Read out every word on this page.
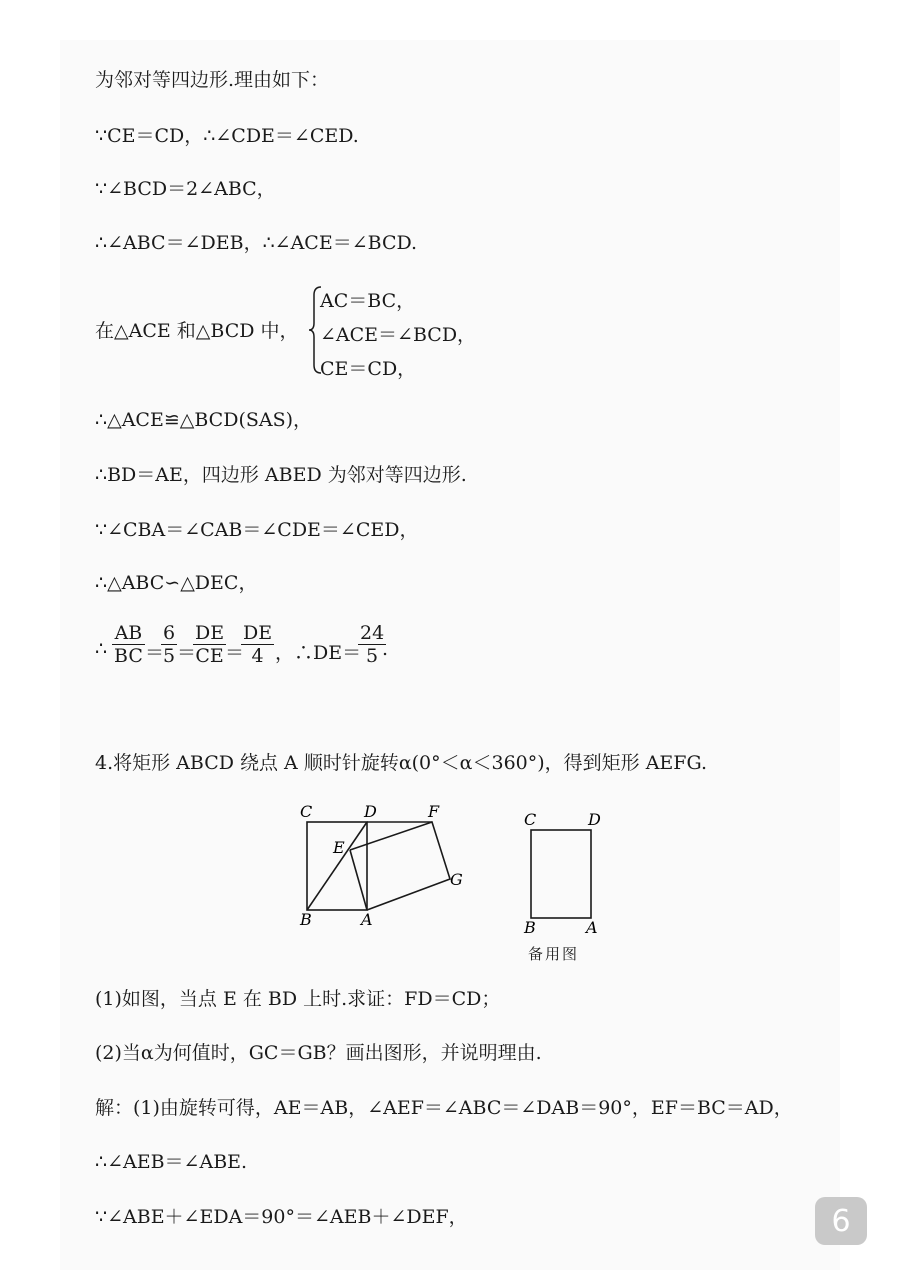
为邻对等四边形.理由如下：
∵CE＝CD，∴∠CDE＝∠CED.
∵∠BCD＝2∠ABC，
∴∠ABC＝∠DEB，∴∠ACE＝∠BCD.
在△ACE 和△BCD 中，
AC＝BC，
∠ACE＝∠BCD，
CE＝CD，
∴△ACE≌△BCD(SAS)，
∴BD＝AE，四边形 ABED 为邻对等四边形.
∵∠CBA＝∠CAB＝∠CDE＝∠CED，
∴△ABC∽△DEC，
∴ $\frac{AB}{BC}$ ＝
$\frac{6}{5}$ ＝
$\frac{DE}{CE}$
＝
$\frac{DE}{4}$ ，∴DE＝
$\frac{24}{5}$
.
4.将矩形 ABCD 绕点 A 顺时针旋转α(0°＜α＜360°)，得到矩形 AEFG.
C	D	F
E
G
B	A
C	D
B	A
备用图
(1)如图，当点 E 在 BD 上时.求证：FD＝CD；
(2)当α为何值时，GC＝GB？画出图形，并说明理由.
解：(1)由旋转可得，AE＝AB，∠AEF＝∠ABC＝∠DAB＝90°，EF＝BC＝AD，
∴∠AEB＝∠ABE.
∵∠ABE＋∠EDA＝90°＝∠AEB＋∠DEF，	6
